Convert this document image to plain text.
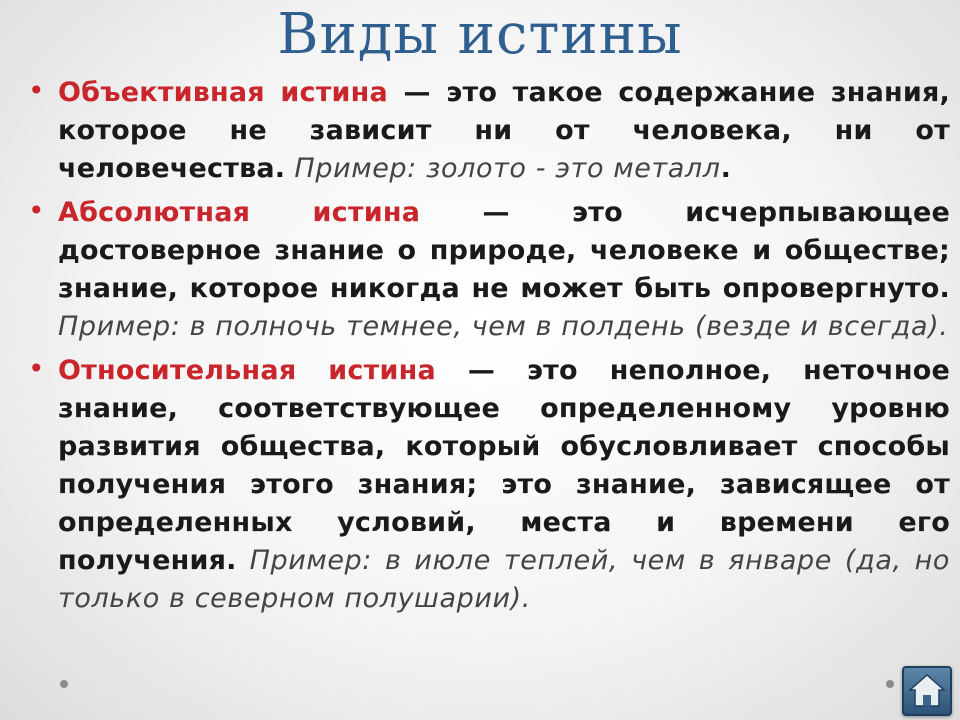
Виды истины
• Объективная истина — это такое содержание знания, которое не зависит ни от человека, ни от человечества. Пример: золото - это металл.
• Абсолютная истина — это исчерпывающее достоверное знание о природе, человеке и обществе; знание, которое никогда не может быть опровергнуто. Пример: в полночь темнее, чем в полдень (везде и всегда).
• Относительная истина — это неполное, неточное знание, соответствующее определенному уровню развития общества, который обусловливает способы получения этого знания; это знание, зависящее от определенных условий, места и времени его получения. Пример: в июле теплей, чем в январе (да, но только в северном полушарии).
